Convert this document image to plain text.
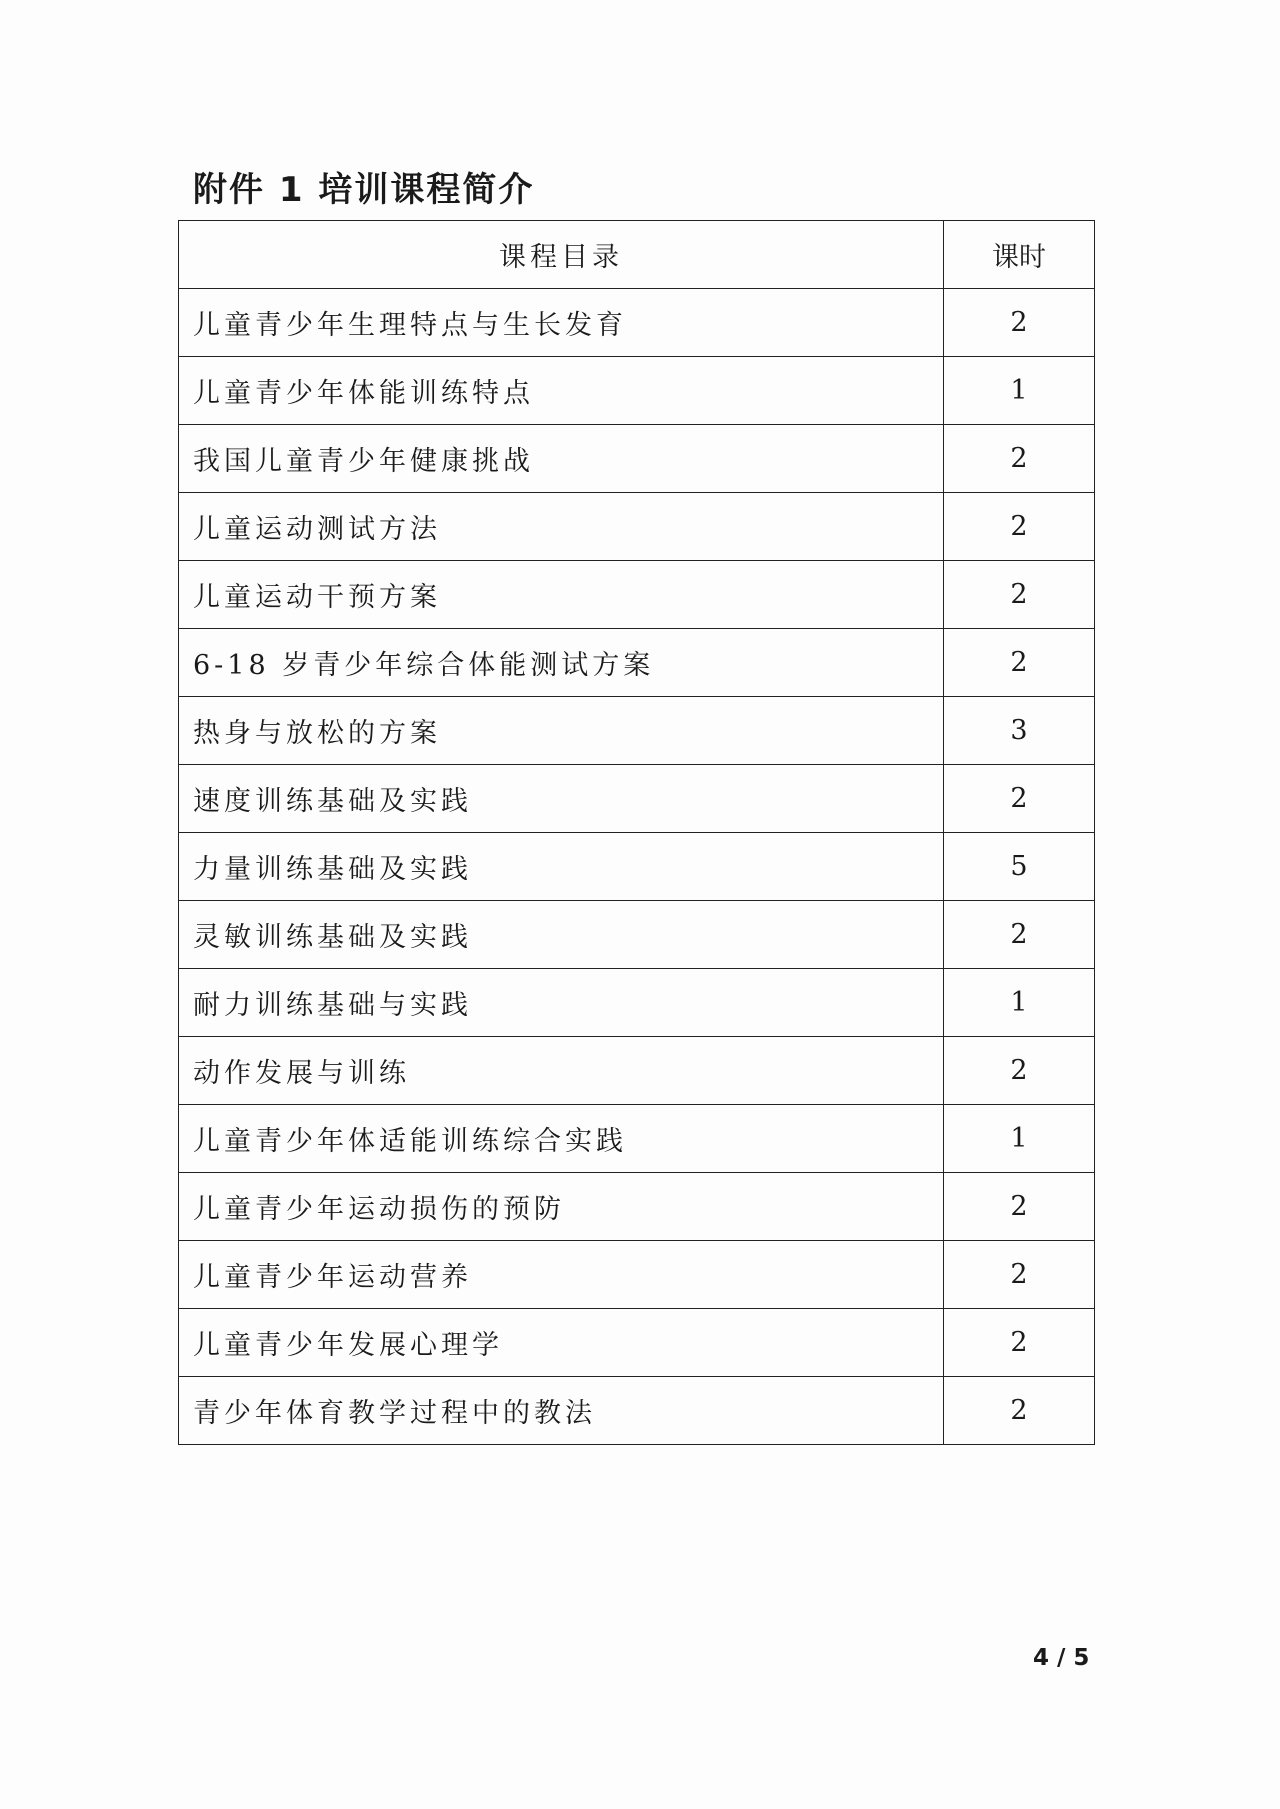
附件 1 培训课程简介
课程目录	课时
儿童青少年生理特点与生长发育	2
儿童青少年体能训练特点	1
我国儿童青少年健康挑战	2
儿童运动测试方法	2
儿童运动干预方案	2
6-18 岁青少年综合体能测试方案	2
热身与放松的方案	3
速度训练基础及实践	2
力量训练基础及实践	5
灵敏训练基础及实践	2
耐力训练基础与实践	1
动作发展与训练	2
儿童青少年体适能训练综合实践	1
儿童青少年运动损伤的预防	2
儿童青少年运动营养	2
儿童青少年发展心理学	2
青少年体育教学过程中的教法	2
4 / 5
